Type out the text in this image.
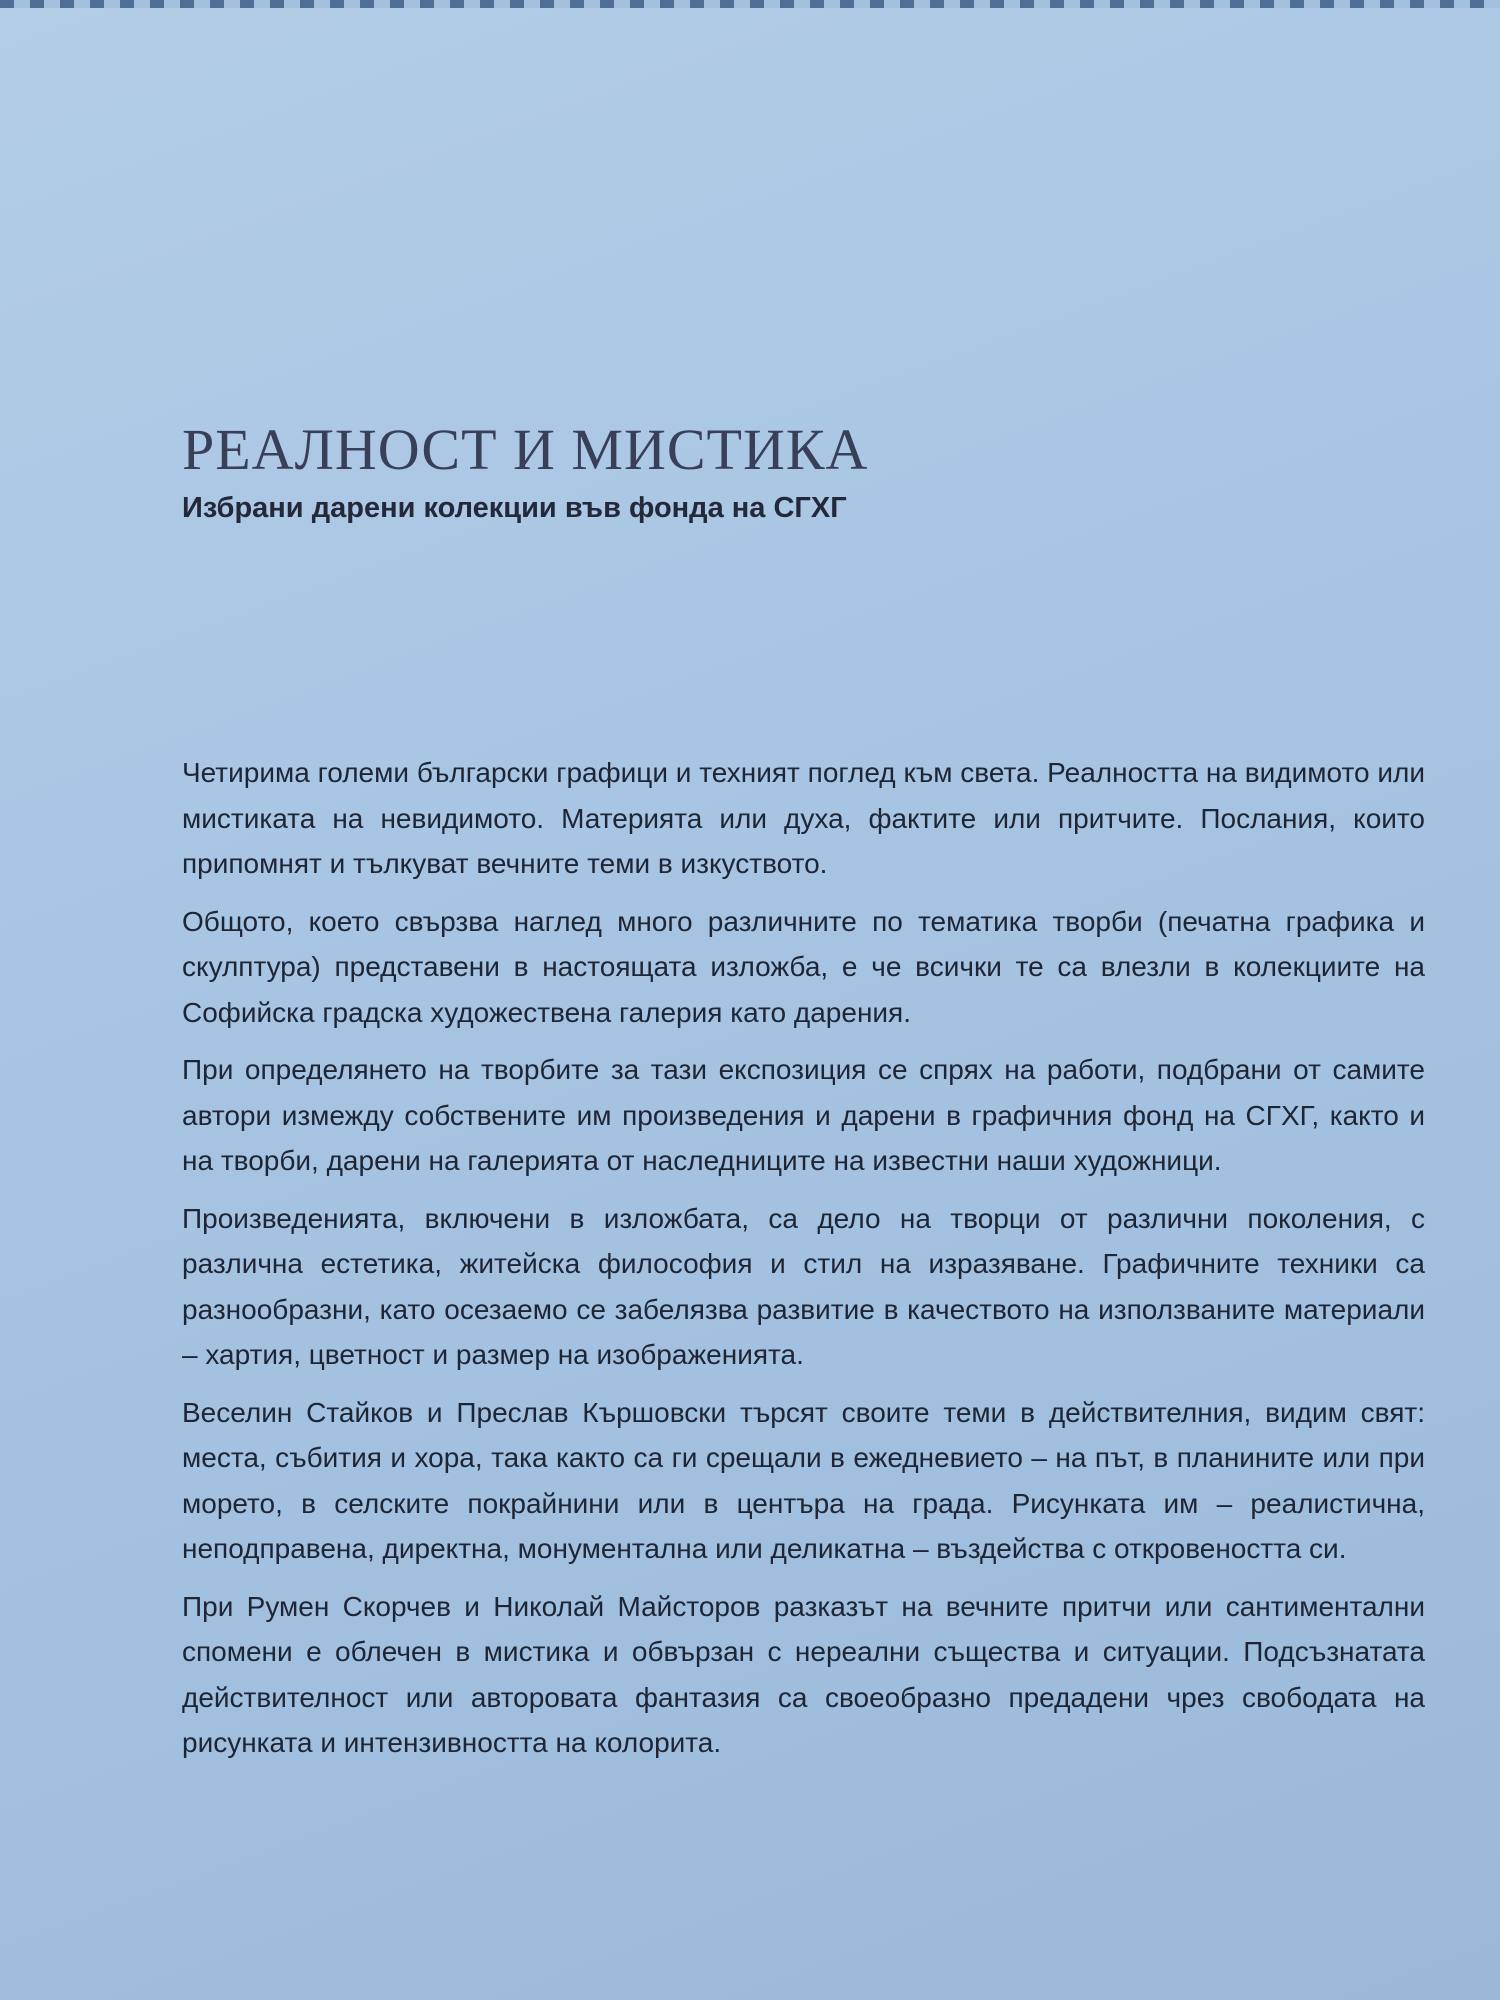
РЕАЛНОСТ И МИСТИКА
Избрани дарени колекции във фонда на СГХГ

Четирима големи български графици и техният поглед към света. Реалността на видимото или мистиката на невидимото. Материята или духа, фактите или притчите. Послания, които припомнят и тълкуват вечните теми в изкуството.

Общото, което свързва наглед много различните по тематика творби (печатна графика и скулптура) представени в настоящата изложба, е че всички те са влезли в колекциите на Софийска градска художествена галерия като дарения.

При определянето на творбите за тази експозиция се спрях на работи, подбрани от самите автори измежду собствените им произведения и дарени в графичния фонд на СГХГ, както и на творби, дарени на галерията от наследниците на известни наши художници.

Произведенията, включени в изложбата, са дело на творци от различни поколения, с различна естетика, житейска философия и стил на изразяване. Графичните техники са разнообразни, като осезаемо се забелязва развитие в качеството на използваните материали – хартия, цветност и размер на изображенията.

Веселин Стайков и Преслав Кършовски търсят своите теми в действителния, видим свят: места, събития и хора, така както са ги срещали в ежедневието – на път, в планините или при морето, в селските покрайнини или в центъра на града. Рисунката им – реалистична, неподправена, директна, монументална или деликатна – въздейства с откровеността си.

При Румен Скорчев и Николай Майсторов разказът на вечните притчи или сантиментални спомени е облечен в мистика и обвързан с нереални същества и ситуации. Подсъзнатата действителност или авторовата фантазия са своеобразно предадени чрез свободата на рисунката и интензивността на колорита.
